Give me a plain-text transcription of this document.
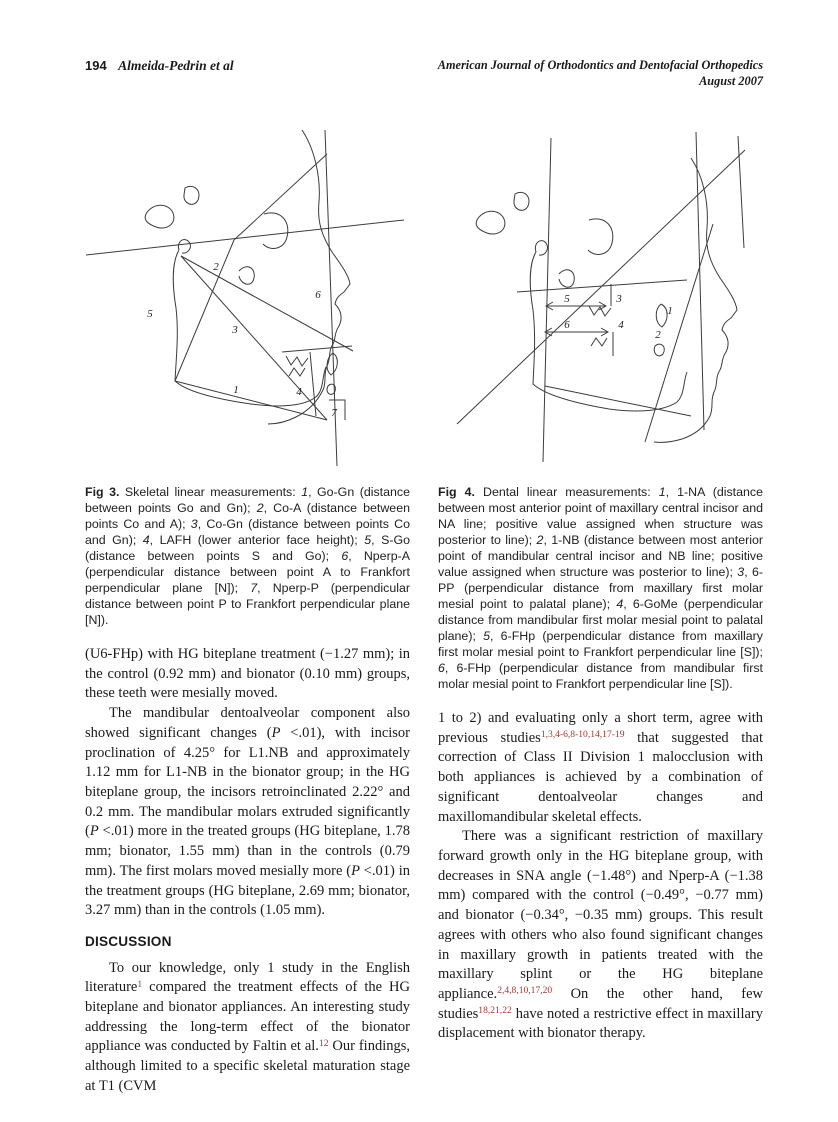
194 Almeida-Pedrin et al	American Journal of Orthodontics and Dentofacial Orthopedics
August 2007
1
2
3
4
5
6
7
Fig 3. Skeletal linear measurements: 1, Go-Gn (distance between points Go and Gn); 2, Co-A (distance between points Co and A); 3, Co-Gn (distance between points Co and Gn); 4, LAFH (lower anterior face height); 5, S-Go (distance between points S and Go); 6, Nperp-A (perpendicular distance between point A to Frankfort perpendicular plane [N]); 7, Nperp-P (perpendicular distance between point P to Frankfort perpendicular plane [N]).

(U6-FHp) with HG biteplane treatment (−1.27 mm); in the control (0.92 mm) and bionator (0.10 mm) groups, these teeth were mesially moved.

The mandibular dentoalveolar component also showed significant changes (P <.01), with incisor proclination of 4.25° for L1.NB and approximately 1.12 mm for L1-NB in the bionator group; in the HG biteplane group, the incisors retroinclinated 2.22° and 0.2 mm. The mandibular molars extruded significantly (P <.01) more in the treated groups (HG biteplane, 1.78 mm; bionator, 1.55 mm) than in the controls (0.79 mm). The first molars moved mesially more (P <.01) in the treatment groups (HG biteplane, 2.69 mm; bionator, 3.27 mm) than in the controls (1.05 mm).

DISCUSSION

To our knowledge, only 1 study in the English literature$^1$ compared the treatment effects of the HG biteplane and bionator appliances. An interesting study addressing the long-term effect of the bionator appliance was conducted by Faltin et al.$^{12}$ Our findings, although limited to a specific skeletal maturation stage at T1 (CVM

1
2
3
4
5
6
Fig 4. Dental linear measurements: 1, 1-NA (distance between most anterior point of maxillary central incisor and NA line; positive value assigned when structure was posterior to line); 2, 1-NB (distance between most anterior point of mandibular central incisor and NB line; positive value assigned when structure was posterior to line); 3, 6-PP (perpendicular distance from maxillary first molar mesial point to palatal plane); 4, 6-GoMe (perpendicular distance from mandibular first molar mesial point to palatal plane); 5, 6-FHp (perpendicular distance from maxillary first molar mesial point to Frankfort perpendicular line [S]); 6, 6-FHp (perpendicular distance from mandibular first molar mesial point to Frankfort perpendicular line [S]).

1 to 2) and evaluating only a short term, agree with previous studies$^{1,3,4-6,8-10,14,17-19}$ that suggested that correction of Class II Division 1 malocclusion with both appliances is achieved by a combination of significant dentoalveolar changes and maxillomandibular skeletal effects.

There was a significant restriction of maxillary forward growth only in the HG biteplane group, with decreases in SNA angle (−1.48°) and Nperp-A (−1.38 mm) compared with the control (−0.49°, −0.77 mm) and bionator (−0.34°, −0.35 mm) groups. This result agrees with others who also found significant changes in maxillary growth in patients treated with the maxillary splint or the HG biteplane appliance.$^{2,4,8,10,17,20}$ On the other hand, few studies$^{18,21,22}$ have noted a restrictive effect in maxillary displacement with bionator therapy.
